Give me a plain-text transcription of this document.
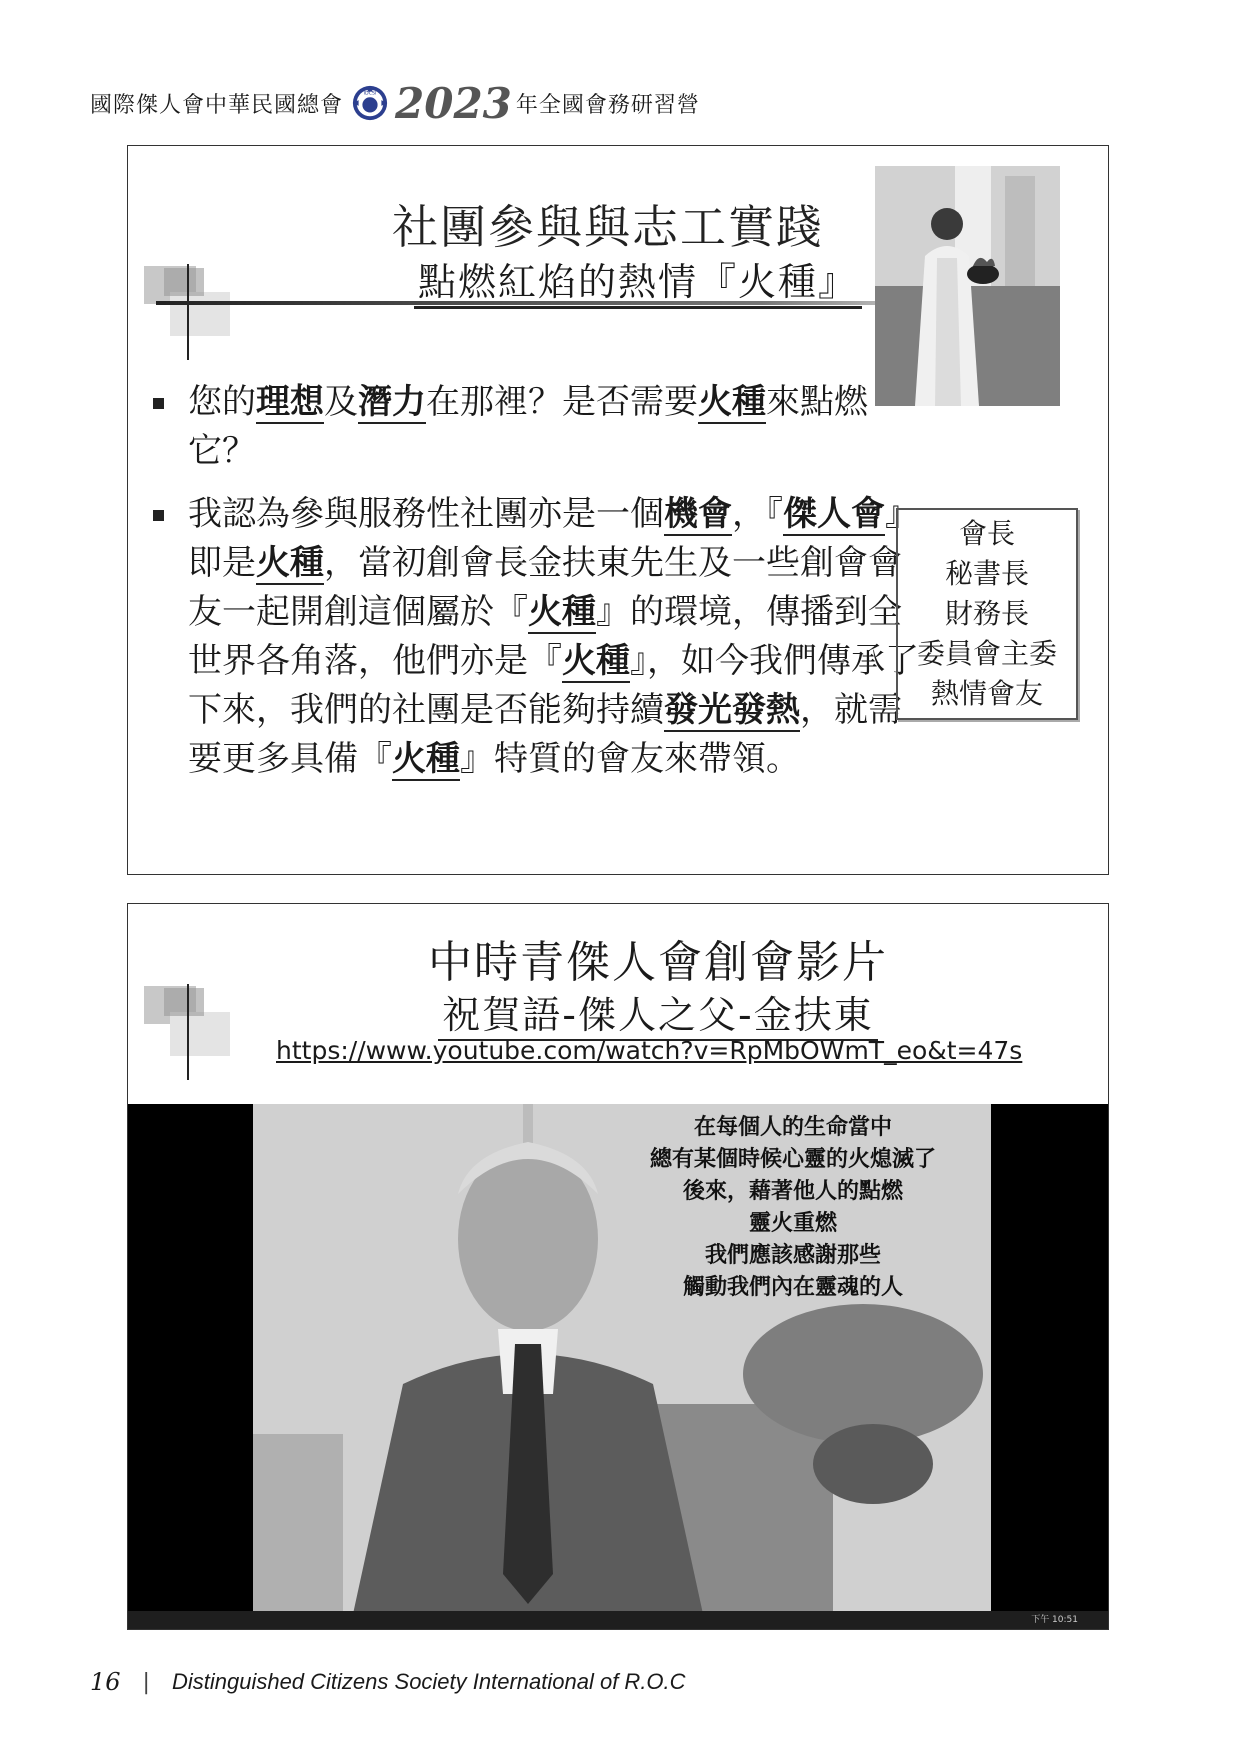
國際傑人會中華民國總會	IDCSI 2023 年全國會務研習營
社團參與與志工實踐
點燃紅焰的熱情『火種』
您的理想及潛力在那裡？是否需要火種來點燃它？
我認為參與服務性社團亦是一個機會，『傑人會』即是火種，當初創會長金扶東先生及一些創會會友一起開創這個屬於『火種』的環境，傳播到全世界各角落，他們亦是『火種』，如今我們傳承了下來，我們的社團是否能夠持續發光發熱，就需要更多具備『火種』特質的會友來帶領。
會長
秘書長
財務長
委員會主委
熱情會友
中時青傑人會創會影片
祝賀語-傑人之父-金扶東
https://www.youtube.com/watch?v=RpMbOWmT_eo&t=47s
在每個人的生命當中
總有某個時候心靈的火熄滅了
後來，藉著他人的點燃
靈火重燃
我們應該感謝那些
觸動我們內在靈魂的人
下午 10:51
16 | Distinguished Citizens Society International of R.O.C
